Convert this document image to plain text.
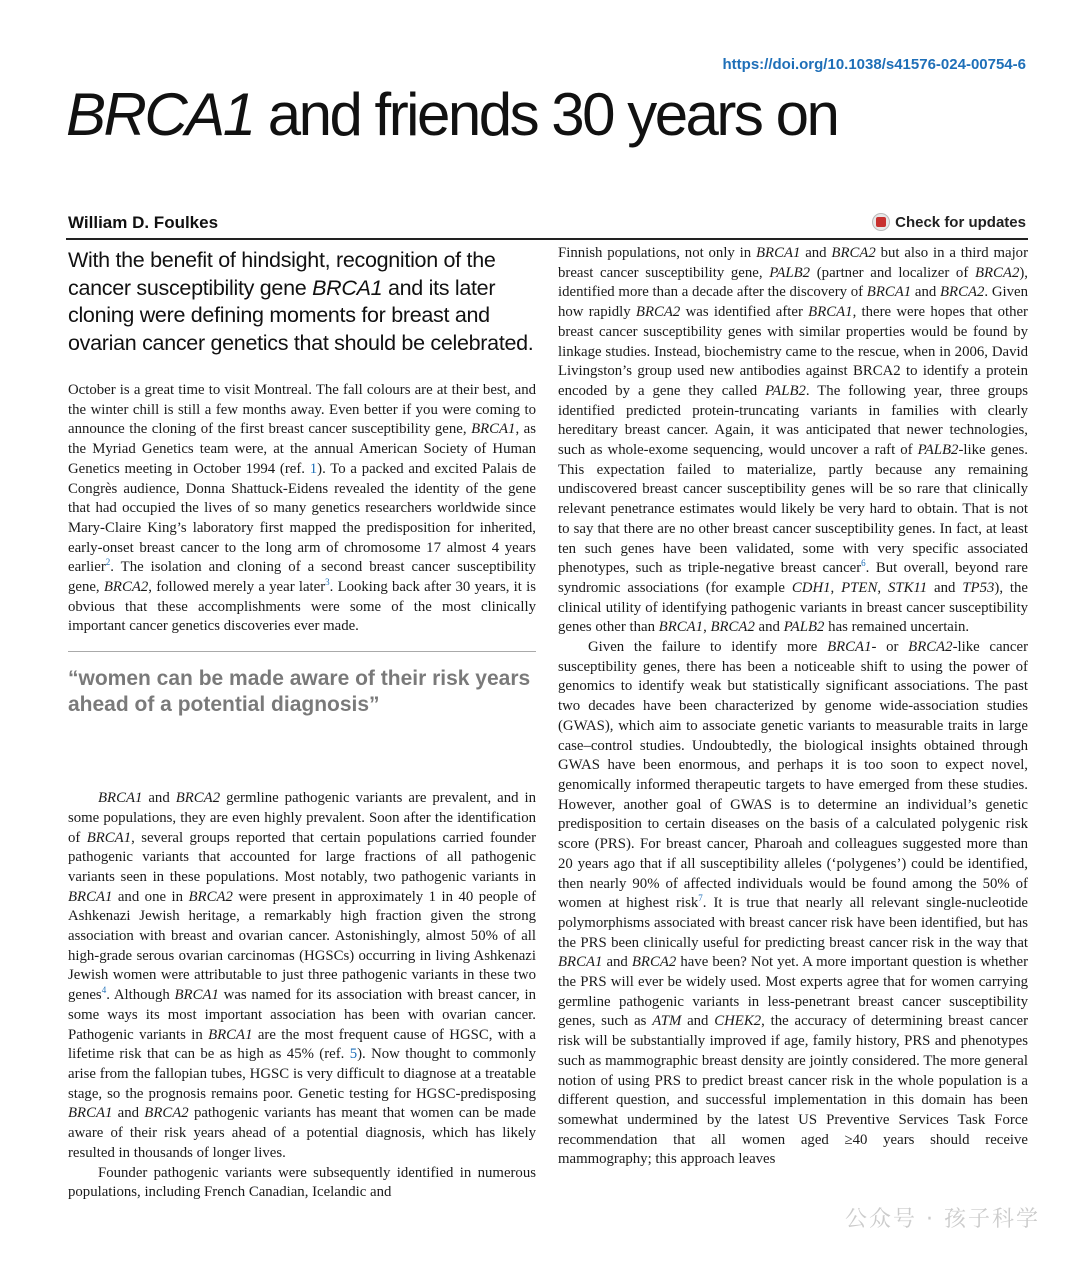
https://doi.org/10.1038/s41576-024-00754-6
BRCA1 and friends 30 years on
William D. Foulkes	Check for updates

With the benefit of hindsight, recognition of the cancer susceptibility gene BRCA1 and its later cloning were defining moments for breast and ovarian cancer genetics that should be celebrated.

October is a great time to visit Montreal. The fall colours are at their best, and the winter chill is still a few months away. Even better if you were coming to announce the cloning of the first breast cancer susceptibility gene, BRCA1, as the Myriad Genetics team were, at the annual American Society of Human Genetics meeting in October 1994 (ref. 1). To a packed and excited Palais de Congrès audience, Donna Shattuck-Eidens revealed the identity of the gene that had occupied the lives of so many genetics researchers worldwide since Mary-Claire King’s laboratory first mapped the predisposition for inherited, early-onset breast cancer to the long arm of chromosome 17 almost 4 years earlier$^2$. The isolation and cloning of a second breast cancer susceptibility gene, BRCA2, followed merely a year later$^3$. Looking back after 30 years, it is obvious that these accomplishments were some of the most clinically important cancer genetics discoveries ever made.

“women can be made aware of their risk years ahead of a potential diagnosis”

BRCA1 and BRCA2 germline pathogenic variants are prevalent, and in some populations, they are even highly prevalent. Soon after the identification of BRCA1, several groups reported that certain populations carried founder pathogenic variants that accounted for large fractions of all pathogenic variants seen in these populations. Most notably, two pathogenic variants in BRCA1 and one in BRCA2 were present in approximately 1 in 40 people of Ashkenazi Jewish heritage, a remarkably high fraction given the strong association with breast and ovarian cancer. Astonishingly, almost 50% of all high-grade serous ovarian carcinomas (HGSCs) occurring in living Ashkenazi Jewish women were attributable to just three pathogenic variants in these two genes$^4$. Although BRCA1 was named for its association with breast cancer, in some ways its most important association has been with ovarian cancer. Pathogenic variants in BRCA1 are the most frequent cause of HGSC, with a lifetime risk that can be as high as 45% (ref. 5). Now thought to commonly arise from the fallopian tubes, HGSC is very difficult to diagnose at a treatable stage, so the prognosis remains poor. Genetic testing for HGSC-predisposing BRCA1 and BRCA2 pathogenic variants has meant that women can be made aware of their risk years ahead of a potential diagnosis, which has likely resulted in thousands of longer lives.

Founder pathogenic variants were subsequently identified in numerous populations, including French Canadian, Icelandic and

Finnish populations, not only in BRCA1 and BRCA2 but also in a third major breast cancer susceptibility gene, PALB2 (partner and localizer of BRCA2), identified more than a decade after the discovery of BRCA1 and BRCA2. Given how rapidly BRCA2 was identified after BRCA1, there were hopes that other breast cancer susceptibility genes with similar properties would be found by linkage studies. Instead, biochemistry came to the rescue, when in 2006, David Livingston’s group used new antibodies against BRCA2 to identify a protein encoded by a gene they called PALB2. The following year, three groups identified predicted protein-truncating variants in families with clearly hereditary breast cancer. Again, it was anticipated that newer technologies, such as whole-exome sequencing, would uncover a raft of PALB2-like genes. This expectation failed to materialize, partly because any remaining undiscovered breast cancer susceptibility genes will be so rare that clinically relevant penetrance estimates would likely be very hard to obtain. That is not to say that there are no other breast cancer susceptibility genes. In fact, at least ten such genes have been validated, some with very specific associated phenotypes, such as triple-negative breast cancer$^6$. But overall, beyond rare syndromic associations (for example CDH1, PTEN, STK11 and TP53), the clinical utility of identifying pathogenic variants in breast cancer susceptibility genes other than BRCA1, BRCA2 and PALB2 has remained uncertain.

Given the failure to identify more BRCA1- or BRCA2-like cancer susceptibility genes, there has been a noticeable shift to using the power of genomics to identify weak but statistically significant associations. The past two decades have been characterized by genome wide-association studies (GWAS), which aim to associate genetic variants to measurable traits in large case–control studies. Undoubtedly, the biological insights obtained through GWAS have been enormous, and perhaps it is too soon to expect novel, genomically informed therapeutic targets to have emerged from these studies. However, another goal of GWAS is to determine an individual’s genetic predisposition to certain diseases on the basis of a calculated polygenic risk score (PRS). For breast cancer, Pharoah and colleagues suggested more than 20 years ago that if all susceptibility alleles (‘polygenes’) could be identified, then nearly 90% of affected individuals would be found among the 50% of women at highest risk$^7$. It is true that nearly all relevant single-nucleotide polymorphisms associated with breast cancer risk have been identified, but has the PRS been clinically useful for predicting breast cancer risk in the way that BRCA1 and BRCA2 have been? Not yet. A more important question is whether the PRS will ever be widely used. Most experts agree that for women carrying germline pathogenic variants in less-penetrant breast cancer susceptibility genes, such as ATM and CHEK2, the accuracy of determining breast cancer risk will be substantially improved if age, family history, PRS and phenotypes such as mammographic breast density are jointly considered. The more general notion of using PRS to predict breast cancer risk in the whole population is a different question, and successful implementation in this domain has been somewhat undermined by the latest US Preventive Services Task Force recommendation that all women aged ≥40 years should receive mammography; this approach leaves

公众号 · 孩子科学
